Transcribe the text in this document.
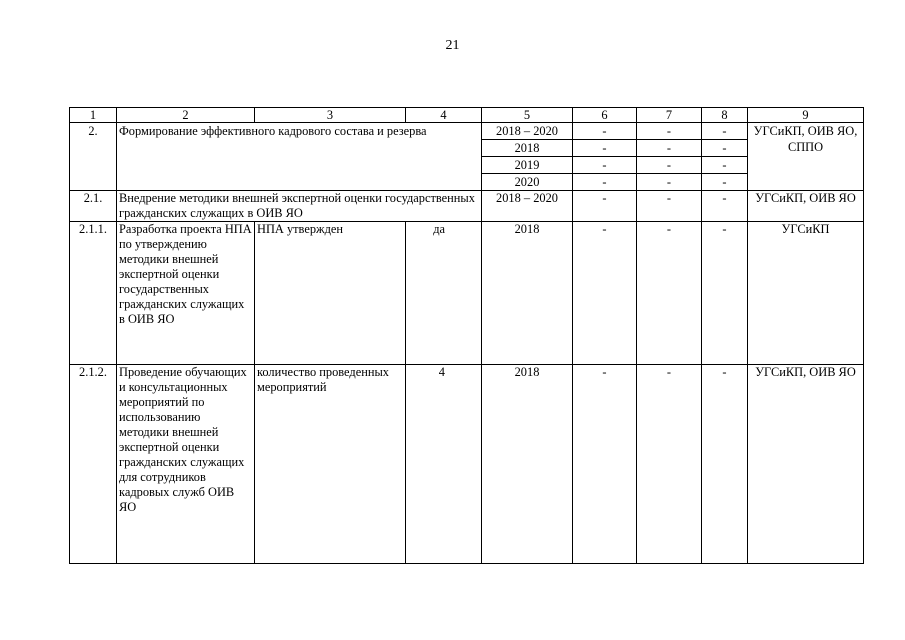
21
1	2	3	4	5	6	7	8	9
2.	Формирование эффективного кадрового состава и резерва			2018 – 2020	-	-	-	УГСиКП, ОИВ ЯО, СППО
				2018	-	-	-	
				2019	-	-	-	
				2020	-	-	-	
2.1.	Внедрение методики внешней экспертной оценки государственных гражданских служащих в ОИВ ЯО			2018 – 2020	-	-	-	УГСиКП, ОИВ ЯО
2.1.1.	Разработка проекта НПА по утверждению методики внешней экспертной оценки государственных гражданских служащих в ОИВ ЯО	НПА утвержден	да	2018	-	-	-	УГСиКП
2.1.2.	Проведение обучающих и консультационных мероприятий по использованию методики внешней экспертной оценки гражданских служащих для сотрудников кадровых служб ОИВ ЯО	количество проведенных мероприятий	4	2018	-	-	-	УГСиКП, ОИВ ЯО
